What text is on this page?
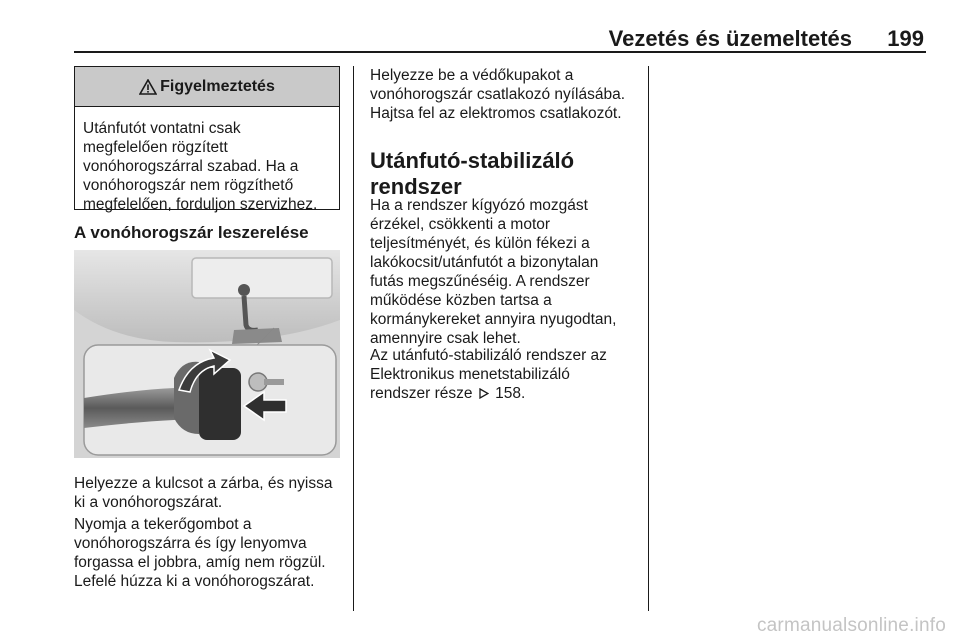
Vezetés és üzemeltetés 199
Figyelmeztetés
Utánfutót vontatni csak
megfelelően rögzített
vonóhorogszárral szabad. Ha a
vonóhorogszár nem rögzíthető
megfelelően, forduljon szervizhez.
A vonóhorogszár leszerelése
Helyezze a kulcsot a zárba, és nyissa
ki a vonóhorogszárat.
Nyomja a tekerőgombot a
vonóhorogszárra és így lenyomva
forgassa el jobbra, amíg nem rögzül.
Lefelé húzza ki a vonóhorogszárat.
Helyezze be a védőkupakot a
vonóhorogszár csatlakozó nyílásába.
Hajtsa fel az elektromos csatlakozót.
Utánfutó-stabilizáló
rendszer
Ha a rendszer kígyózó mozgást
érzékel, csökkenti a motor
teljesítményét, és külön fékezi a
lakókocsit/utánfutót a bizonytalan
futás megszűnéséig. A rendszer
működése közben tartsa a
kormánykereket annyira nyugodtan,
amennyire csak lehet.
Az utánfutó-stabilizáló rendszer az
Elektronikus menetstabilizáló
rendszer része 158.
carmanualsonline.info
